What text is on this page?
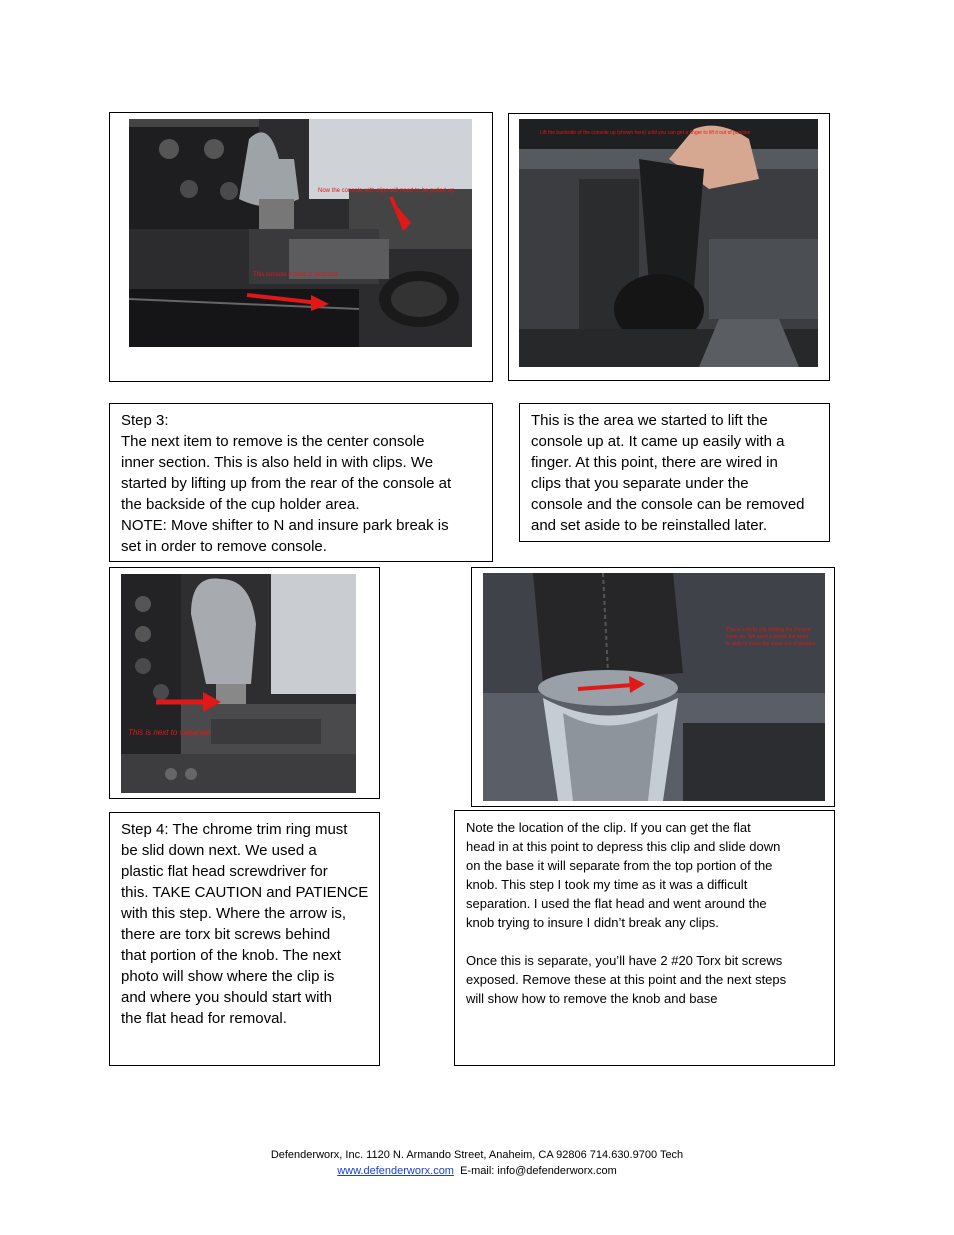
Now the console with clips will need to be pulled up
This console is held in removed
Lift the backside of the console up (shown here) until you can get a finger to lift it out of position
Step 3:
The next item to remove is the center console
inner section. This is also held in with clips. We
started by lifting up from the rear of the console at
the backside of the cup holder area.
NOTE: Move shifter to N and insure park break is
set in order to remove console.
This is the area we started to lift the
console up at. It came up easily with a
finger. At this point, there are wired in
clips that you separate under the
console and the console can be removed
and set aside to be reinstalled later.
This is next to separate
This is a tricky clip holding the chrome
cover on. We used a plastic flat head
to slide to move the cover out of position
Step 4: The chrome trim ring must
be slid down next. We used a
plastic flat head screwdriver for
this. TAKE CAUTION and PATIENCE
with this step. Where the arrow is,
there are torx bit screws behind
that portion of the knob. The next
photo will show where the clip is
and where you should start with
the flat head for removal.
Note the location of the clip. If you can get the flat
head in at this point to depress this clip and slide down
on the base it will separate from the top portion of the
knob. This step I took my time as it was a difficult
separation. I used the flat head and went around the
knob trying to insure I didn’t break any clips.

Once this is separate, you’ll have 2 #20 Torx bit screws
exposed. Remove these at this point and the next steps
will show how to remove the knob and base
Defenderworx, Inc. 1120 N. Armando Street, Anaheim, CA 92806 714.630.9700 Tech
www.defenderworx.com  E-mail: info@defenderworx.com
